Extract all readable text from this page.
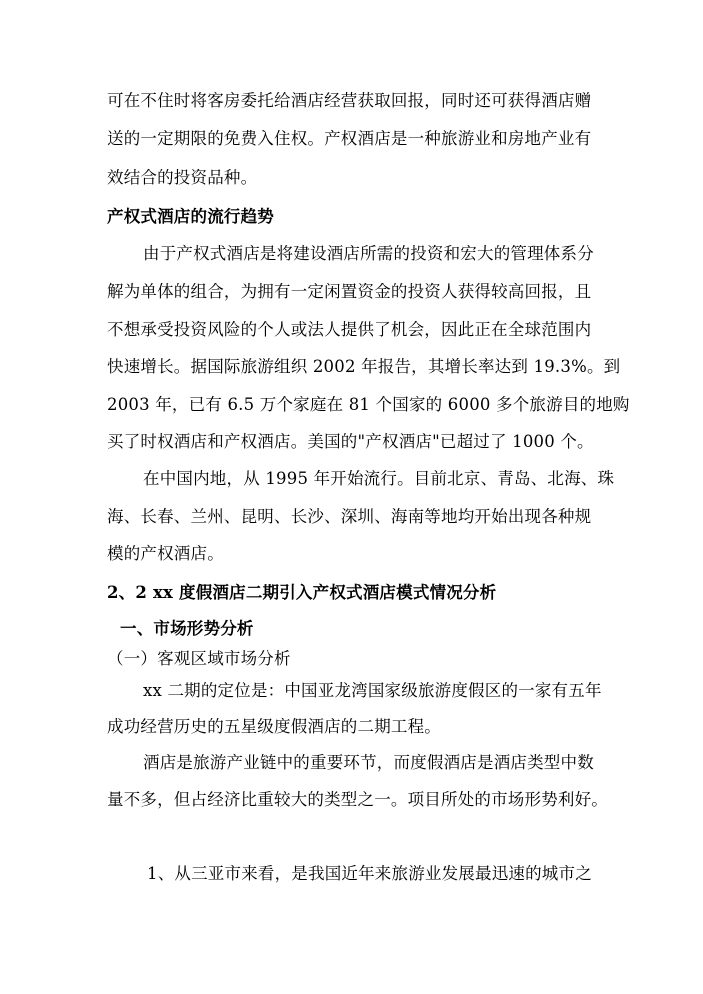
可在不住时将客房委托给酒店经营获取回报，同时还可获得酒店赠
送的一定期限的免费入住权。产权酒店是一种旅游业和房地产业有
效结合的投资品种。
产权式酒店的流行趋势
由于产权式酒店是将建设酒店所需的投资和宏大的管理体系分
解为单体的组合，为拥有一定闲置资金的投资人获得较高回报，且
不想承受投资风险的个人或法人提供了机会，因此正在全球范围内
快速增长。据国际旅游组织 2002 年报告，其增长率达到 19.3%。到
2003 年，已有 6.5 万个家庭在 81 个国家的 6000 多个旅游目的地购
买了时权酒店和产权酒店。美国的"产权酒店"已超过了 1000 个。
在中国内地，从 1995 年开始流行。目前北京、青岛、北海、珠
海、长春、兰州、昆明、长沙、深圳、海南等地均开始出现各种规
模的产权酒店。
2、2 xx 度假酒店二期引入产权式酒店模式情况分析
一、市场形势分析
（一）客观区域市场分析
xx 二期的定位是：中国亚龙湾国家级旅游度假区的一家有五年
成功经营历史的五星级度假酒店的二期工程。
酒店是旅游产业链中的重要环节，而度假酒店是酒店类型中数
量不多，但占经济比重较大的类型之一。项目所处的市场形势利好。
1、从三亚市来看，是我国近年来旅游业发展最迅速的城市之
